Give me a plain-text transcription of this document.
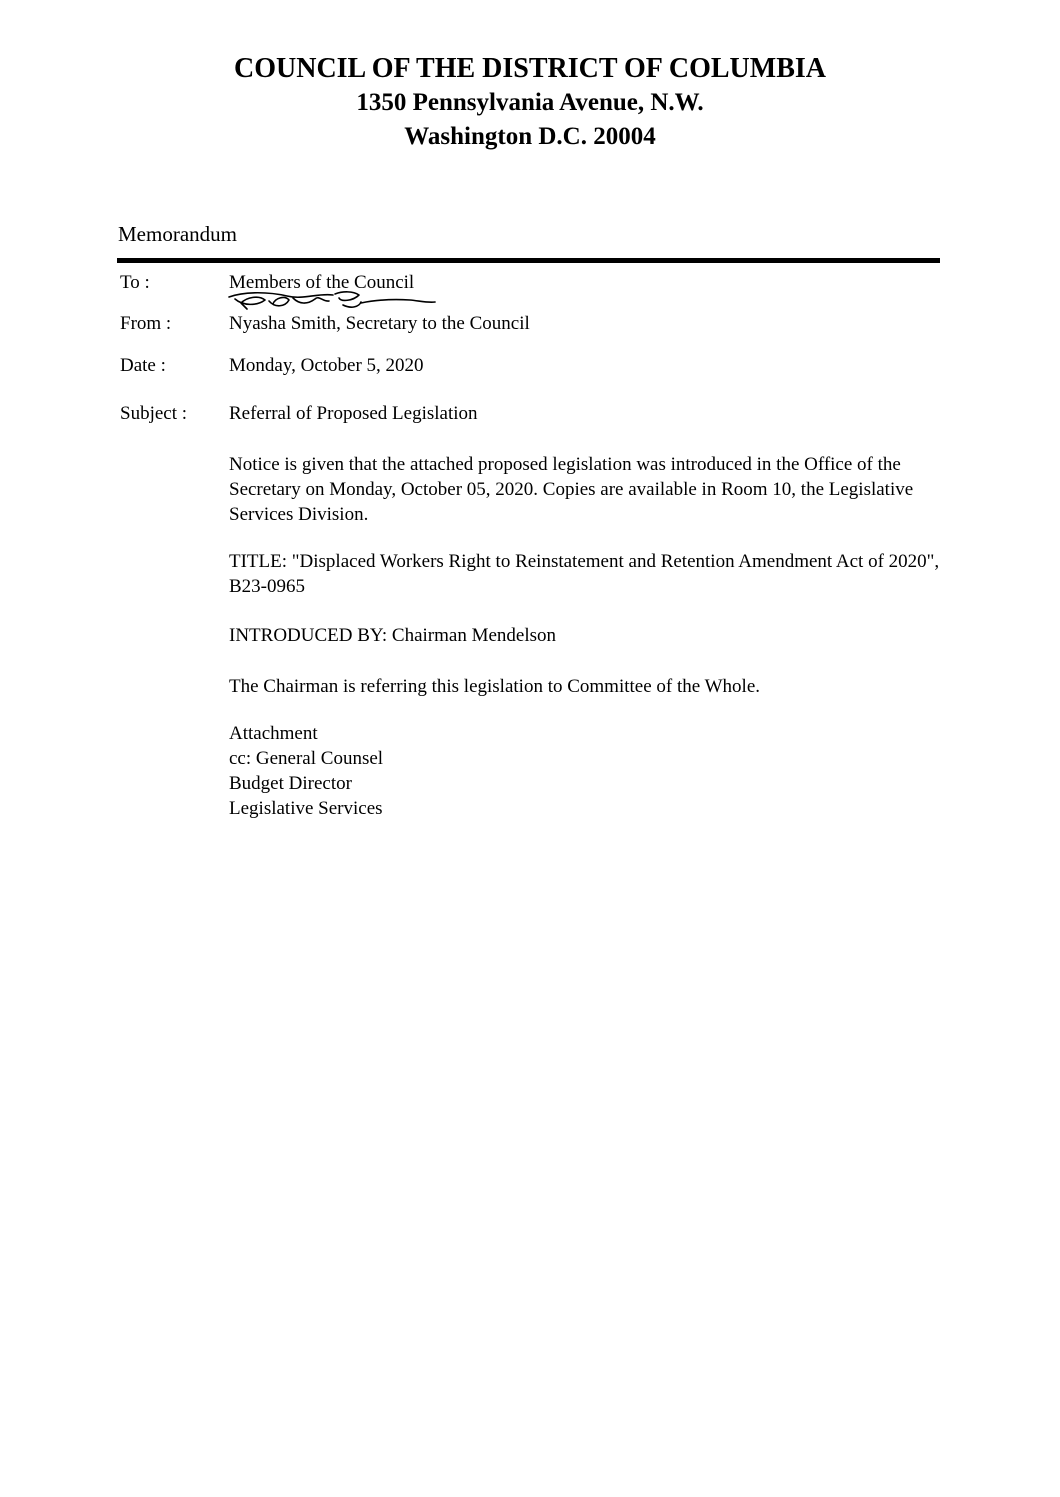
COUNCIL OF THE DISTRICT OF COLUMBIA
1350 Pennsylvania Avenue, N.W.
Washington D.C. 20004
Memorandum
To :	Members of the Council
From :	Nyasha Smith, Secretary to the Council
Date :	Monday, October 5, 2020
Subject : Referral of Proposed Legislation
Notice is given that the attached proposed legislation was introduced in the Office of the Secretary on Monday, October 05, 2020. Copies are available in Room 10, the Legislative Services Division.
TITLE: "Displaced Workers Right to Reinstatement and Retention Amendment Act of 2020", B23-0965
INTRODUCED BY: Chairman Mendelson
The Chairman is referring this legislation to Committee of the Whole.
Attachment
cc: General Counsel
Budget Director
Legislative Services
